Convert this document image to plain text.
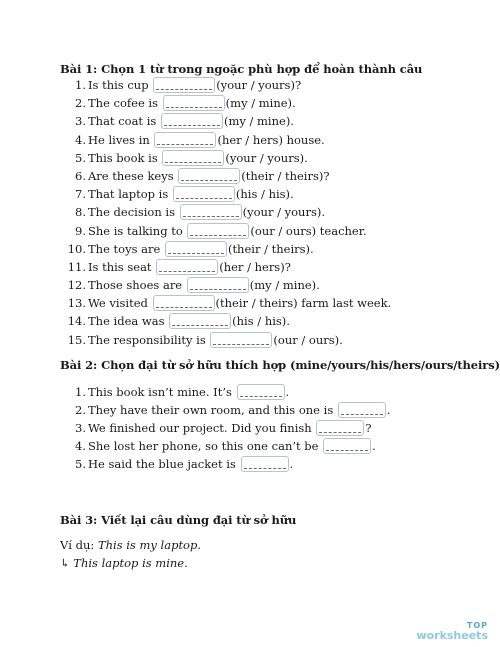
Bài 1: Chọn 1 từ trong ngoặc phù hợp để hoàn thành câu
1. Is this cup	(your / yours)?
2. The cofee is	(my / mine).
3. That coat is	(my / mine).
4. He lives in	(her / hers) house.
5. This book is	(your / yours).
6. Are these keys	(their / theirs)?
7. That laptop is	(his / his).
8. The decision is	(your / yours).
9. She is talking to	(our / ours) teacher.
10. The toys are	(their / theirs).
11. Is this seat	(her / hers)?
12. Those shoes are	(my / mine).
13. We visited	(their / theirs) farm last week.
14. The idea was	(his / his).
15. The responsibility is	(our / ours).
Bài 2: Chọn đại từ sở hữu thích hợp (mine/yours/his/hers/ours/theirs)
1. This book isn’t mine. It’s	.
2. They have their own room, and this one is	.
3. We finished our project. Did you finish	?
4. She lost her phone, so this one can’t be	.
5. He said the blue jacket is	.
Bài 3: Viết lại câu dùng đại từ sở hữu
Ví dụ: This is my laptop.
↳ This laptop is mine.
TOP
worksheets
